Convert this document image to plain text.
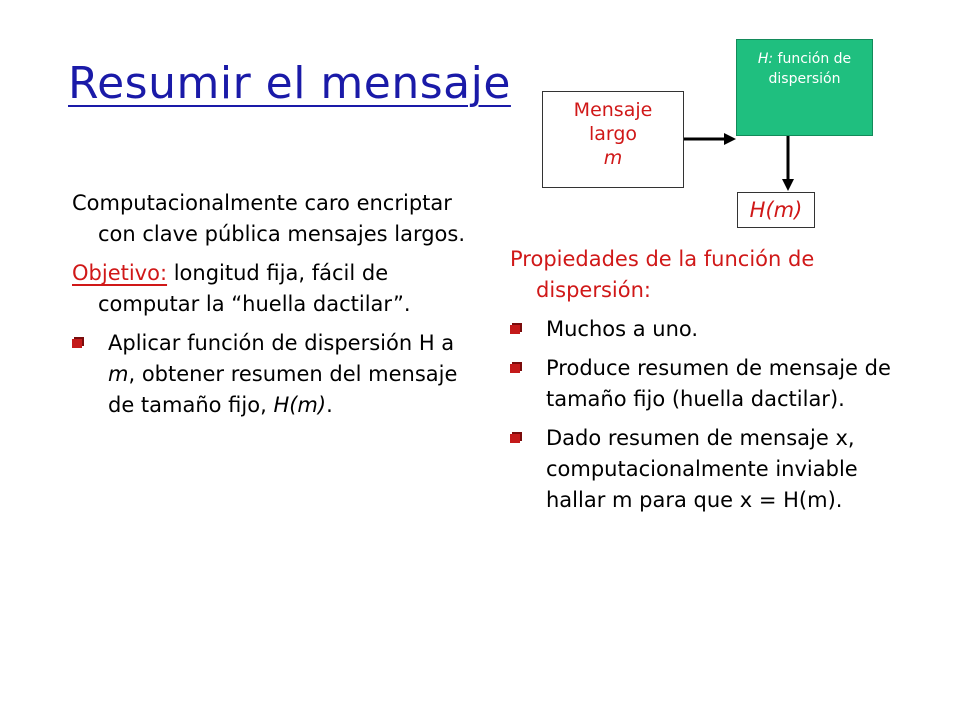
Resumir el mensaje
Computacionalmente caro encriptar con clave pública mensajes largos.
Objetivo: longitud fija, fácil de computar la “huella dactilar”.
Aplicar función de dispersión H a m, obtener resumen del mensaje de tamaño fijo, H(m).
Mensaje
largo
m
H: función de dispersión
H(m)
Propiedades de la función de dispersión:
Muchos a uno.
Produce resumen de mensaje de tamaño fijo (huella dactilar).
Dado resumen de mensaje x, computacionalmente inviable hallar m para que x = H(m).
